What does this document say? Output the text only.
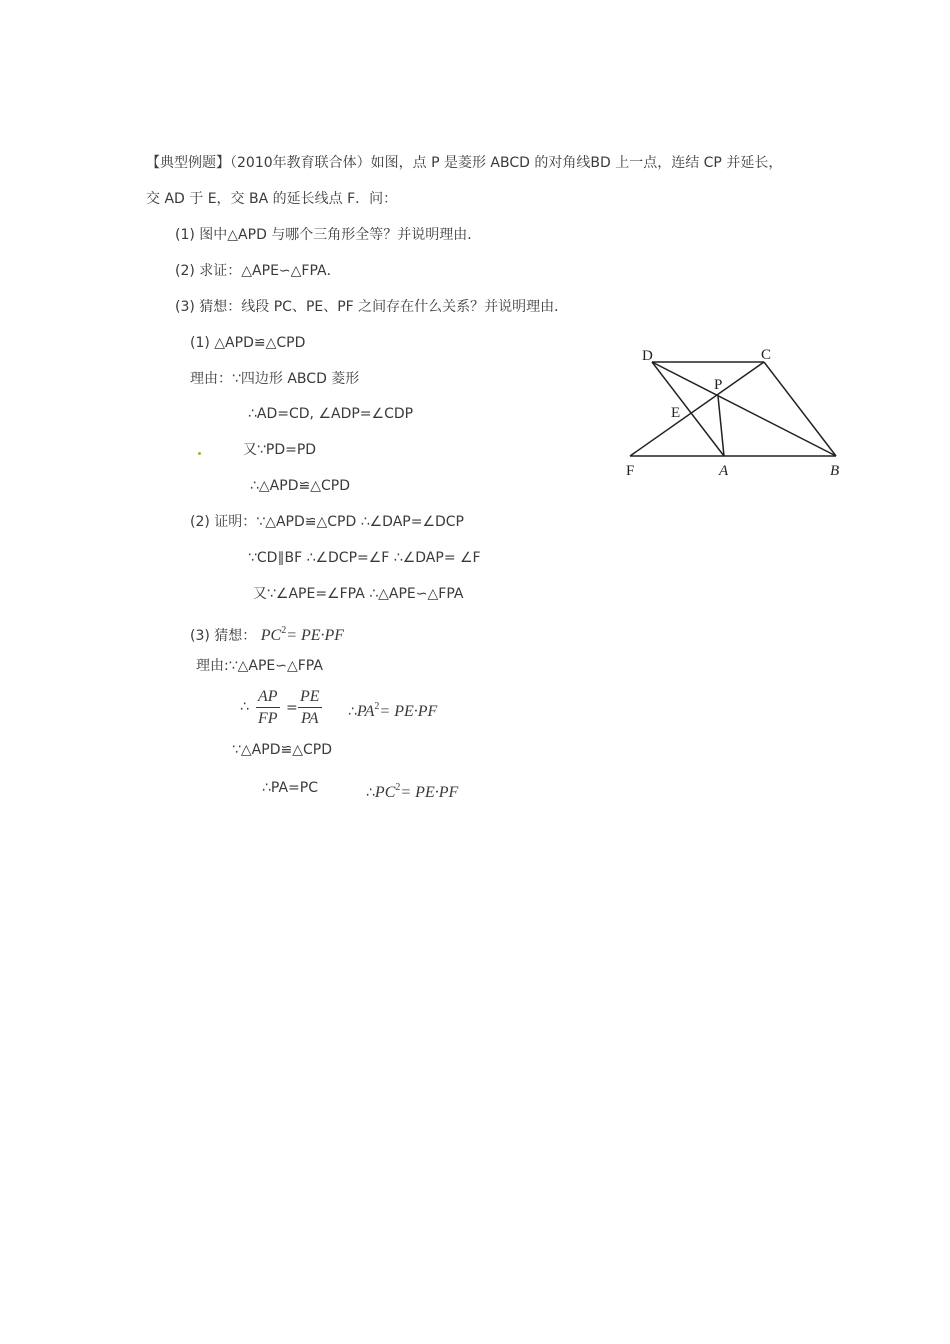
【典型例题】（2010年教育联合体）如图，点 P 是菱形 ABCD 的对角线BD 上一点，连结 CP 并延长，
交 AD 于 E，交 BA 的延长线点 F．问：
(1) 图中△APD 与哪个三角形全等？并说明理由．
(2) 求证：△APE∽△FPA．
(3) 猜想：线段 PC、PE、PF 之间存在什么关系？并说明理由．
(1) △APD≌△CPD
理由：∵四边形 ABCD 菱形
∴AD=CD, ∠ADP=∠CDP
又∵PD=PD
∴△APD≌△CPD
(2) 证明：∵△APD≌△CPD ∴∠DAP=∠DCP
∵CD∥BF ∴∠DCP=∠F ∴∠DAP= ∠F
又∵∠APE=∠FPA ∴△APE∽△FPA
(3) 猜想： PC2= PE·PF
理由:∵△APE∽△FPA
∴ $\frac{AP}{FP} = \frac{PE}{PA}$ ∴PA2= PE·PF
∵△APD≌△CPD
∴PA=PC	∴PC2= PE·PF
D	C
P
E
F	A	B
